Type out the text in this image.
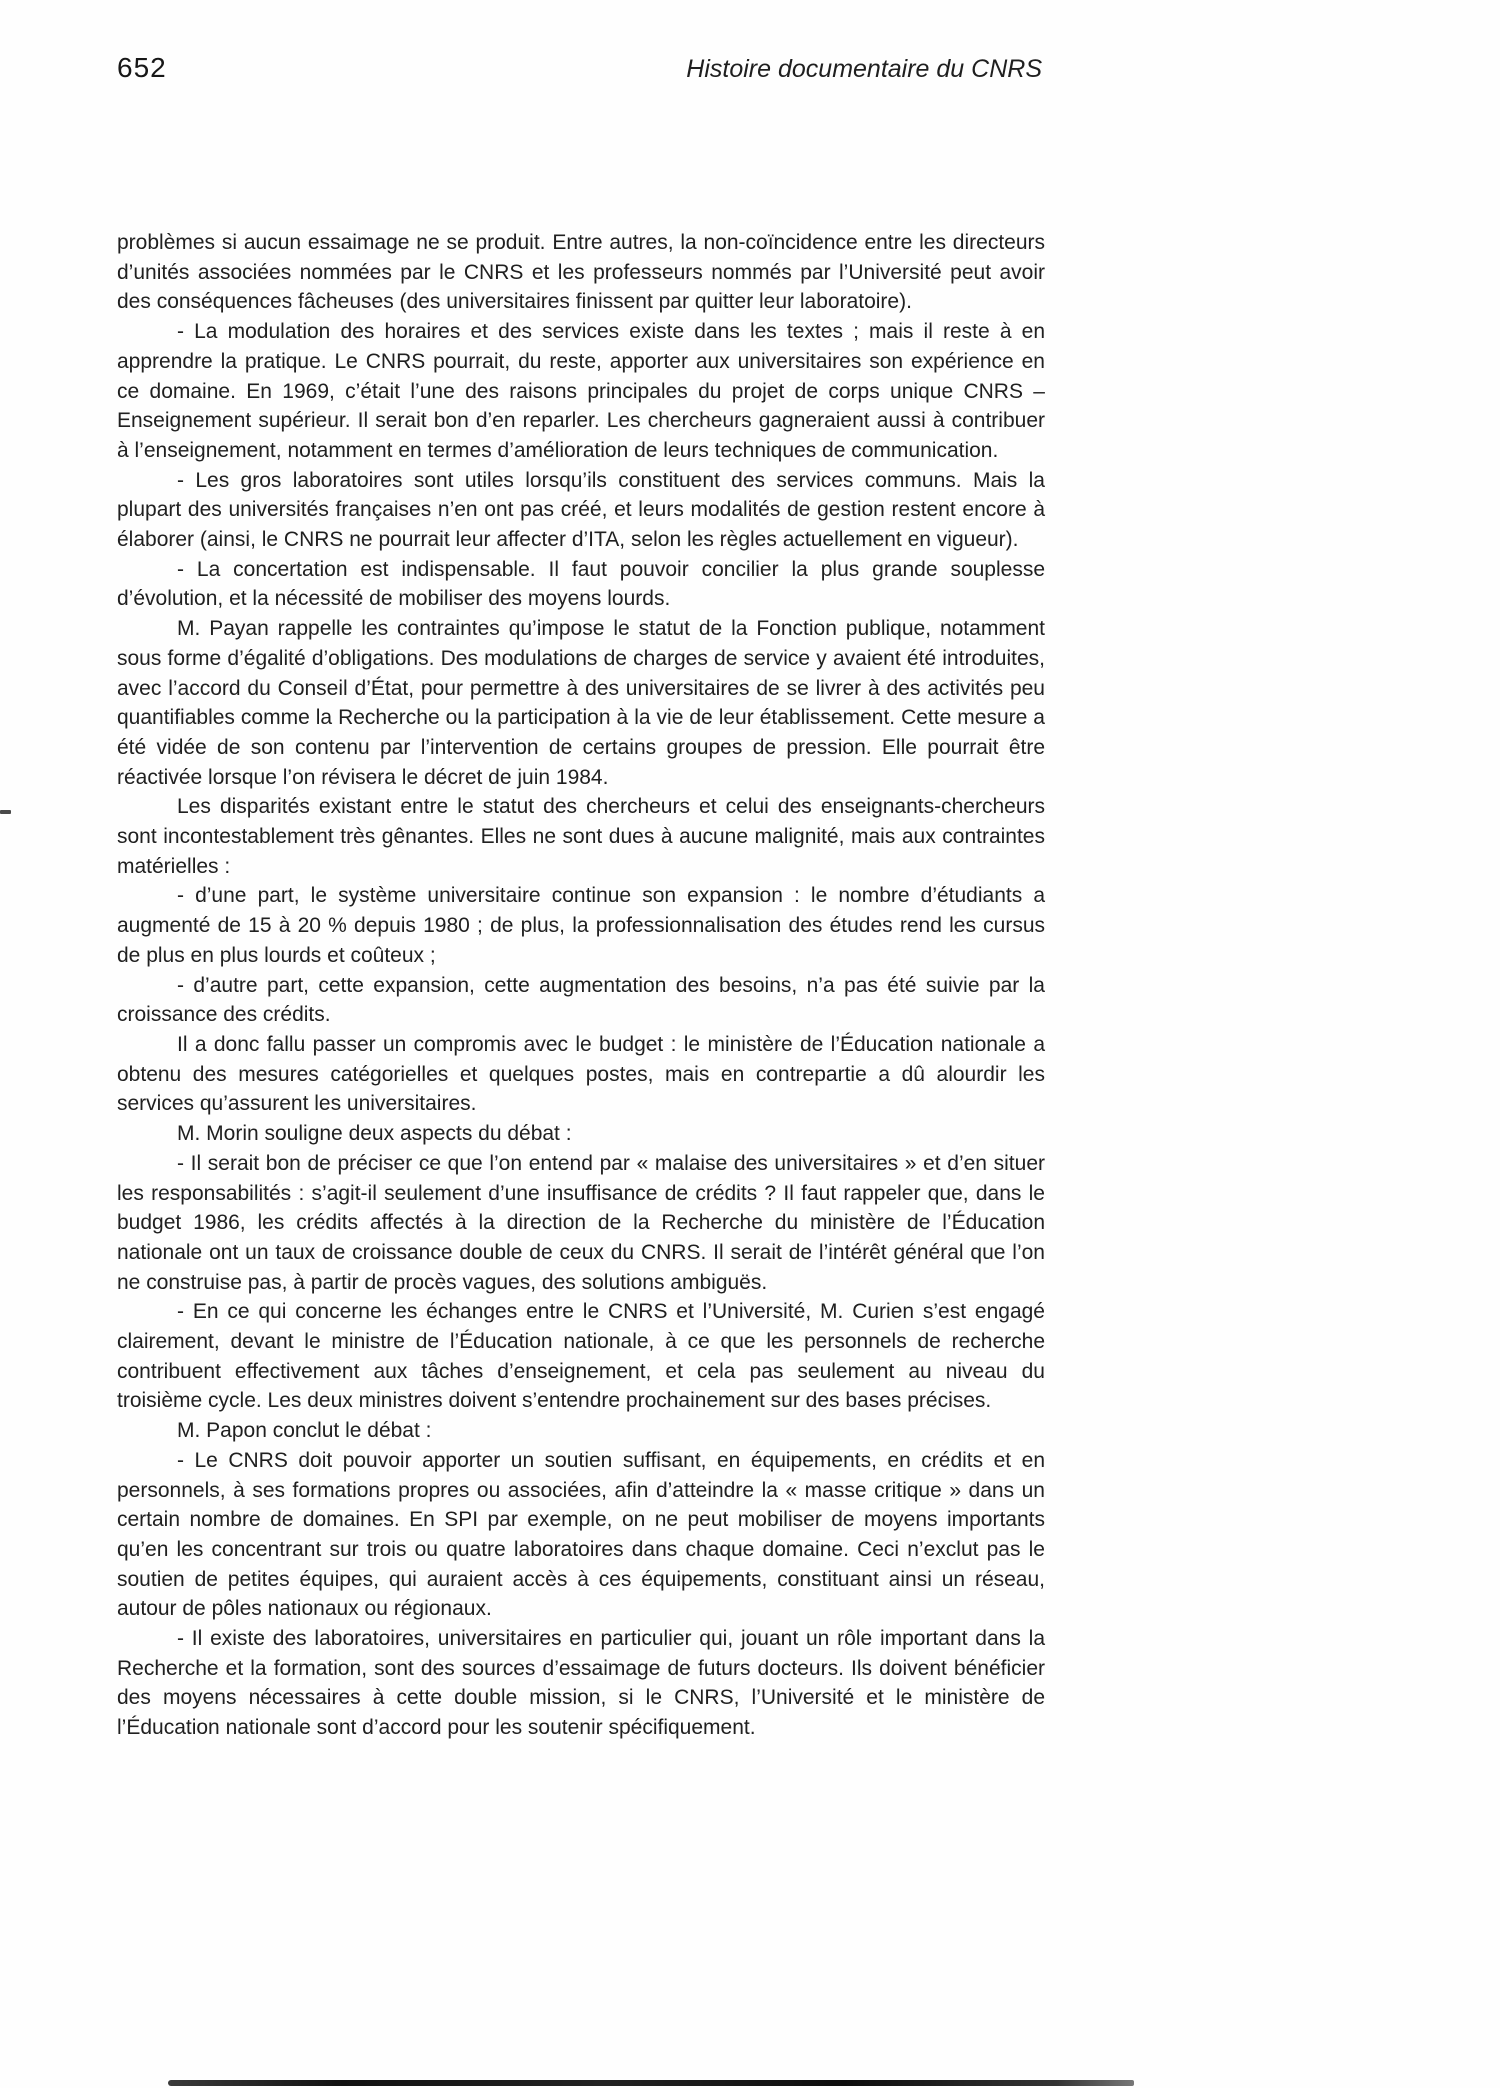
652	Histoire documentaire du CNRS

problèmes si aucun essaimage ne se produit. Entre autres, la non-coïncidence entre les directeurs d’unités associées nommées par le CNRS et les professeurs nommés par l’Université peut avoir des conséquences fâcheuses (des universitaires finissent par quitter leur laboratoire).

- La modulation des horaires et des services existe dans les textes ; mais il reste à en apprendre la pratique. Le CNRS pourrait, du reste, apporter aux universitaires son expérience en ce domaine. En 1969, c’était l’une des raisons principales du projet de corps unique CNRS – Enseignement supérieur. Il serait bon d’en reparler. Les chercheurs gagneraient aussi à contribuer à l’enseignement, notamment en termes d’amélioration de leurs techniques de communication.

- Les gros laboratoires sont utiles lorsqu’ils constituent des services communs. Mais la plupart des universités françaises n’en ont pas créé, et leurs modalités de gestion restent encore à élaborer (ainsi, le CNRS ne pourrait leur affecter d’ITA, selon les règles actuellement en vigueur).

- La concertation est indispensable. Il faut pouvoir concilier la plus grande souplesse d’évolution, et la nécessité de mobiliser des moyens lourds.

M. Payan rappelle les contraintes qu’impose le statut de la Fonction publique, notamment sous forme d’égalité d’obligations. Des modulations de charges de service y avaient été introduites, avec l’accord du Conseil d’État, pour permettre à des universitaires de se livrer à des activités peu quantifiables comme la Recherche ou la participation à la vie de leur établissement. Cette mesure a été vidée de son contenu par l’intervention de certains groupes de pression. Elle pourrait être réactivée lorsque l’on révisera le décret de juin 1984.

Les disparités existant entre le statut des chercheurs et celui des enseignants-chercheurs sont incontestablement très gênantes. Elles ne sont dues à aucune malignité, mais aux contraintes matérielles :

- d’une part, le système universitaire continue son expansion : le nombre d’étudiants a augmenté de 15 à 20 % depuis 1980 ; de plus, la professionnalisation des études rend les cursus de plus en plus lourds et coûteux ;

- d’autre part, cette expansion, cette augmentation des besoins, n’a pas été suivie par la croissance des crédits.

Il a donc fallu passer un compromis avec le budget : le ministère de l’Éducation nationale a obtenu des mesures catégorielles et quelques postes, mais en contrepartie a dû alourdir les services qu’assurent les universitaires.

M. Morin souligne deux aspects du débat :

- Il serait bon de préciser ce que l’on entend par « malaise des universitaires » et d’en situer les responsabilités : s’agit-il seulement d’une insuffisance de crédits ? Il faut rappeler que, dans le budget 1986, les crédits affectés à la direction de la Recherche du ministère de l’Éducation nationale ont un taux de croissance double de ceux du CNRS. Il serait de l’intérêt général que l’on ne construise pas, à partir de procès vagues, des solutions ambiguës.

- En ce qui concerne les échanges entre le CNRS et l’Université, M. Curien s’est engagé clairement, devant le ministre de l’Éducation nationale, à ce que les personnels de recherche contribuent effectivement aux tâches d’enseignement, et cela pas seulement au niveau du troisième cycle. Les deux ministres doivent s’entendre prochainement sur des bases précises.

M. Papon conclut le débat :

- Le CNRS doit pouvoir apporter un soutien suffisant, en équipements, en crédits et en personnels, à ses formations propres ou associées, afin d’atteindre la « masse critique » dans un certain nombre de domaines. En SPI par exemple, on ne peut mobiliser de moyens importants qu’en les concentrant sur trois ou quatre laboratoires dans chaque domaine. Ceci n’exclut pas le soutien de petites équipes, qui auraient accès à ces équipements, constituant ainsi un réseau, autour de pôles nationaux ou régionaux.

- Il existe des laboratoires, universitaires en particulier qui, jouant un rôle important dans la Recherche et la formation, sont des sources d’essaimage de futurs docteurs. Ils doivent bénéficier des moyens nécessaires à cette double mission, si le CNRS, l’Université et le ministère de l’Éducation nationale sont d’accord pour les soutenir spécifiquement.
